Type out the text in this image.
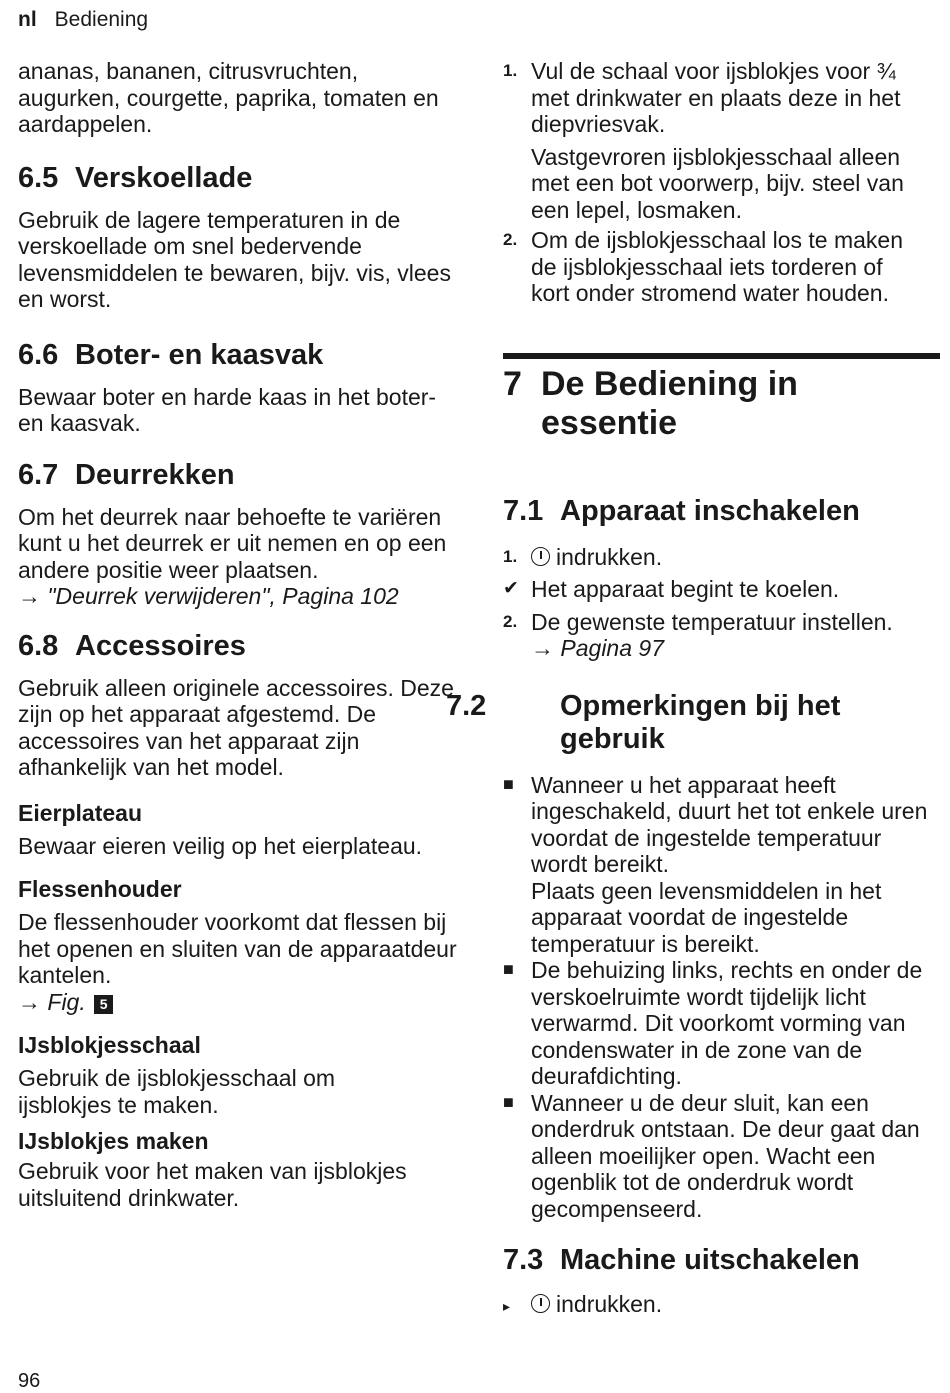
nl Bediening

ananas, bananen, citrusvruchten, augurken, courgette, paprika, tomaten en aardappelen.

6.5 Verskoellade

Gebruik de lagere temperaturen in de verskoellade om snel bedervende levensmiddelen te bewaren, bijv. vis, vlees en worst.

6.6 Boter- en kaasvak

Bewaar boter en harde kaas in het boter- en kaasvak.

6.7 Deurrekken

Om het deurrek naar behoefte te variëren kunt u het deurrek er uit nemen en op een andere positie weer plaatsen.

→ "Deurrek verwijderen", Pagina 102
6.8 Accessoires

Gebruik alleen originele accessoires. Deze zijn op het apparaat afgestemd. De accessoires van het apparaat zijn afhankelijk van het model.

Eierplateau

Bewaar eieren veilig op het eierplateau.

Flessenhouder

De flessenhouder voorkomt dat flessen bij het openen en sluiten van de apparaatdeur kantelen.

→ Fig. 5
IJsblokjesschaal

Gebruik de ijsblokjesschaal om ijsblokjes te maken.

IJsblokjes maken

Gebruik voor het maken van ijsblokjes uitsluitend drinkwater.

1. Vul de schaal voor ijsblokjes voor ¾ met drinkwater en plaats deze in het diepvriesvak.
Vastgevroren ijsblokjesschaal alleen met een bot voorwerp, bijv. steel van een lepel, losmaken.
2. Om de ijsblokjesschaal los te maken de ijsblokjesschaal iets torderen of kort onder stromend water houden.
7 De Bediening in essentie
7.1 Apparaat inschakelen
1. indrukken.
✔ Het apparaat begint te koelen.
2. De gewenste temperatuur instellen.
→ Pagina 97
7.2	Opmerkingen bij het gebruik
■ Wanneer u het apparaat heeft ingeschakeld, duurt het tot enkele uren voordat de ingestelde temperatuur wordt bereikt.
Plaats geen levensmiddelen in het apparaat voordat de ingestelde temperatuur is bereikt.
■ De behuizing links, rechts en onder de verskoelruimte wordt tijdelijk licht verwarmd. Dit voorkomt vorming van condenswater in de zone van de deurafdichting.
■ Wanneer u de deur sluit, kan een onderdruk ontstaan. De deur gaat dan alleen moeilijker open. Wacht een ogenblik tot de onderdruk wordt gecompenseerd.
7.3 Machine uitschakelen
▸ indrukken.
96
